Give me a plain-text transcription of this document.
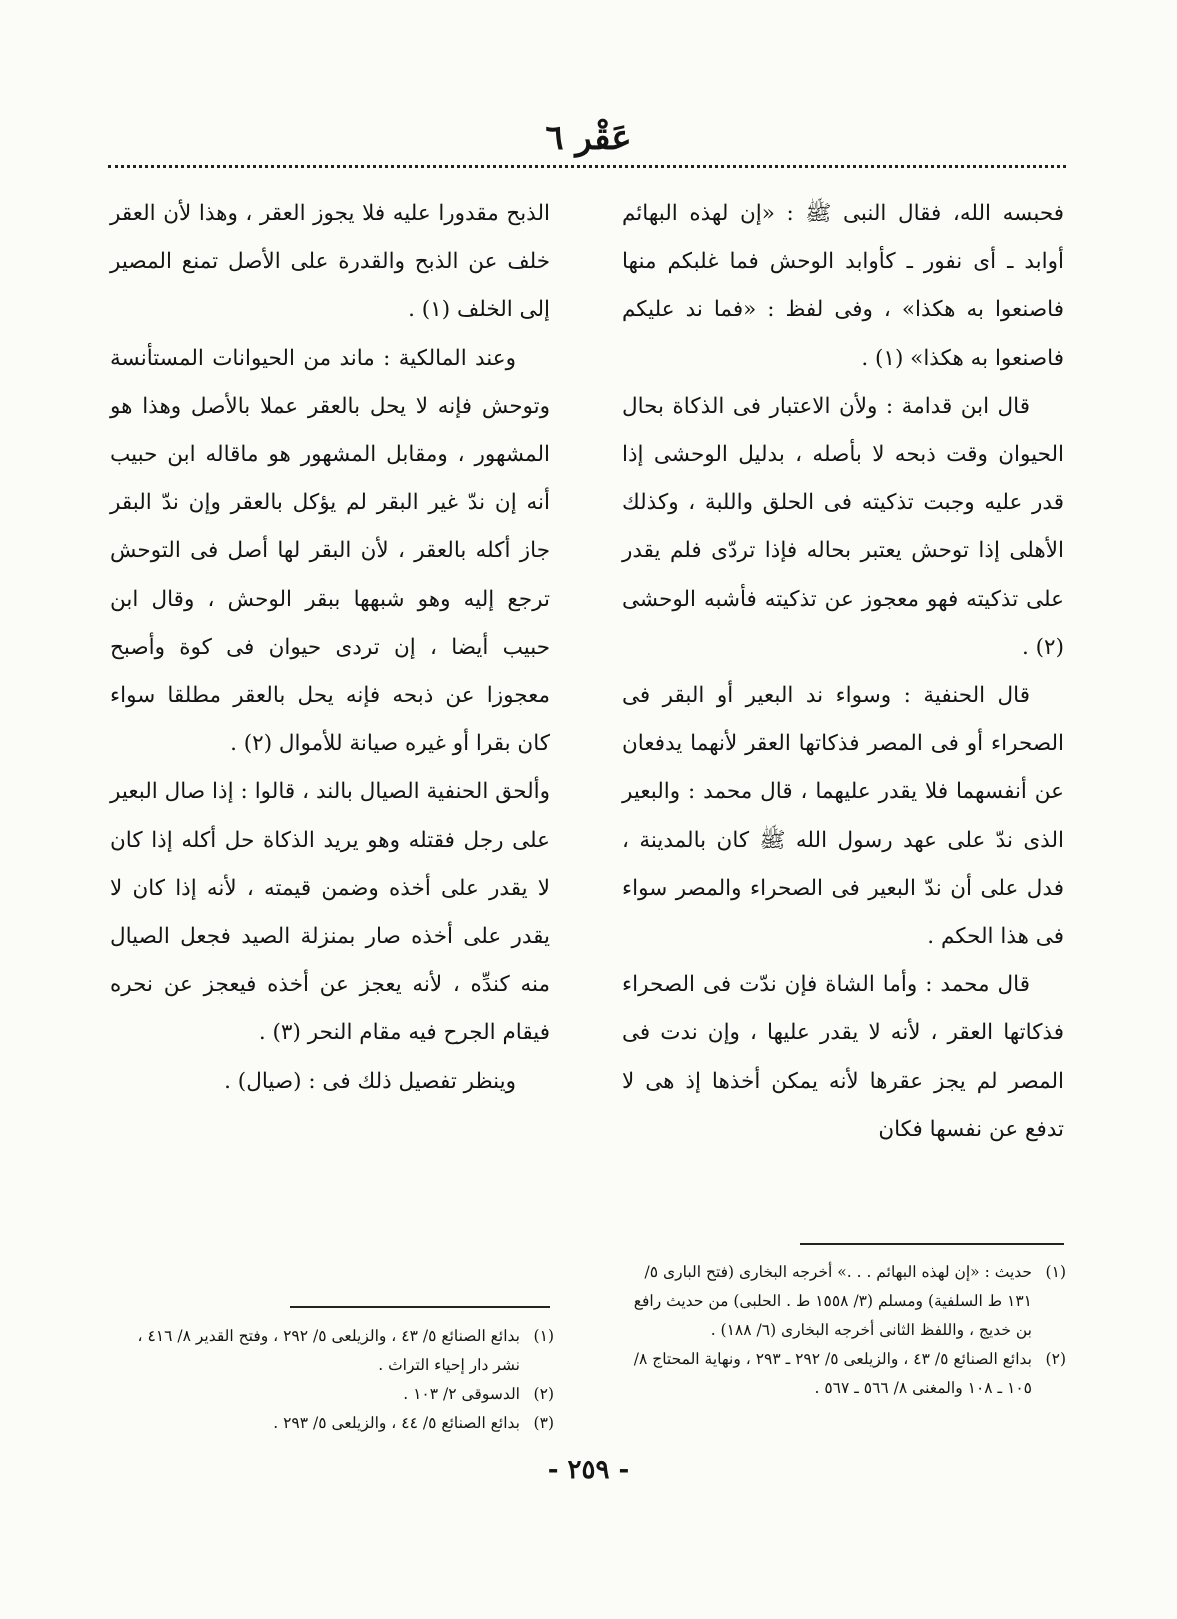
عَقْر ٦

فحبسه الله، فقال النبى ﷺ : «إن لهذه البهائم أوابد ـ أى نفور ـ كأوابد الوحش فما غلبكم منها فاصنعوا به هكذا» ، وفى لفظ : «فما ند عليكم فاصنعوا به هكذا» (١) .

قال ابن قدامة : ولأن الاعتبار فى الذكاة بحال الحيوان وقت ذبحه لا بأصله ، بدليل الوحشى إذا قدر عليه وجبت تذكيته فى الحلق واللبة ، وكذلك الأهلى إذا توحش يعتبر بحاله فإذا تردّى فلم يقدر على تذكيته فهو معجوز عن تذكيته فأشبه الوحشى (٢) .

قال الحنفية : وسواء ند البعير أو البقر فى الصحراء أو فى المصر فذكاتها العقر لأنهما يدفعان عن أنفسهما فلا يقدر عليهما ، قال محمد : والبعير الذى ندّ على عهد رسول الله ﷺ كان بالمدينة ، فدل على أن ندّ البعير فى الصحراء والمصر سواء فى هذا الحكم .

قال محمد : وأما الشاة فإن ندّت فى الصحراء فذكاتها العقر ، لأنه لا يقدر عليها ، وإن ندت فى المصر لم يجز عقرها لأنه يمكن أخذها إذ هى لا تدفع عن نفسها فكان

الذبح مقدورا عليه فلا يجوز العقر ، وهذا لأن العقر خلف عن الذبح والقدرة على الأصل تمنع المصير إلى الخلف (١) .

وعند المالكية : ماند من الحيوانات المستأنسة وتوحش فإنه لا يحل بالعقر عملا بالأصل وهذا هو المشهور ، ومقابل المشهور هو ماقاله ابن حبيب أنه إن ندّ غير البقر لم يؤكل بالعقر وإن ندّ البقر جاز أكله بالعقر ، لأن البقر لها أصل فى التوحش ترجع إليه وهو شبهها ببقر الوحش ، وقال ابن حبيب أيضا ، إن تردى حيوان فى كوة وأصبح معجوزا عن ذبحه فإنه يحل بالعقر مطلقا سواء كان بقرا أو غيره صيانة للأموال (٢) .

وألحق الحنفية الصيال بالند ، قالوا : إذا صال البعير على رجل فقتله وهو يريد الذكاة حل أكله إذا كان لا يقدر على أخذه وضمن قيمته ، لأنه إذا كان لا يقدر على أخذه صار بمنزلة الصيد فجعل الصيال منه كندِّه ، لأنه يعجز عن أخذه فيعجز عن نحره فيقام الجرح فيه مقام النحر (٣) .

وينظر تفصيل ذلك فى : (صيال) .

(١)حديث : «إن لهذه البهائم . . .» أخرجه البخارى (فتح البارى ٥/ ١٣١ ط السلفية) ومسلم (٣/ ١٥٥٨ ط . الحلبى) من حديث رافع بن خديج ، واللفظ الثانى أخرجه البخارى (٦/ ١٨٨) .

(٢)بدائع الصنائع ٥/ ٤٣ ، والزيلعى ٥/ ٢٩٢ ـ ٢٩٣ ، ونهاية المحتاج ٨/ ١٠٥ ـ ١٠٨ والمغنى ٨/ ٥٦٦ ـ ٥٦٧ .

(١)بدائع الصنائع ٥/ ٤٣ ، والزيلعى ٥/ ٢٩٢ ، وفتح القدير ٨/ ٤١٦ ، نشر دار إحياء التراث .

(٢)الدسوقى ٢/ ١٠٣ .

(٣)بدائع الصنائع ٥/ ٤٤ ، والزيلعى ٥/ ٢٩٣ .

- ٢٥٩ -
